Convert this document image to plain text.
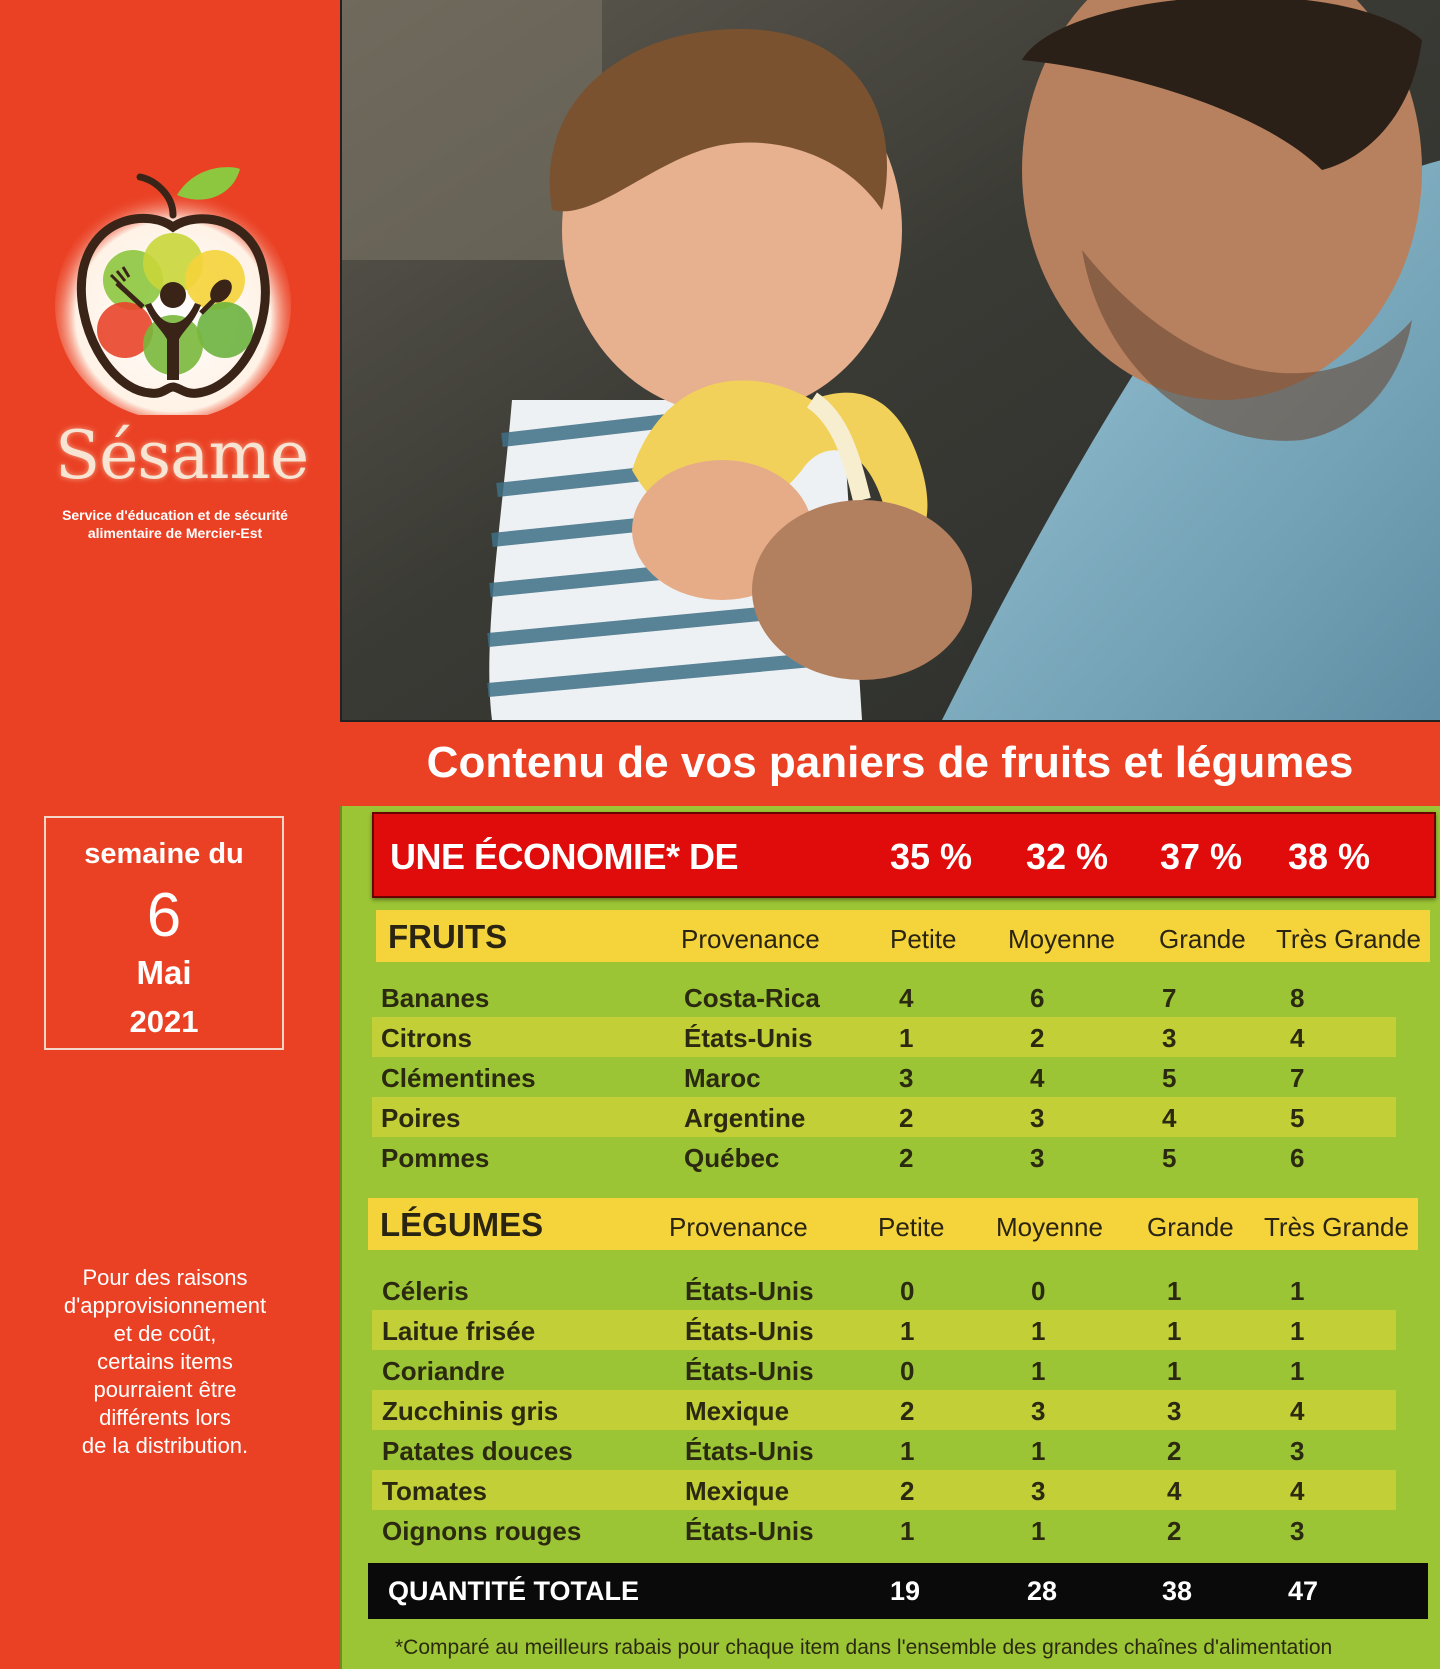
Sésame
Service d'éducation et de sécurité
alimentaire de Mercier-Est
semaine du
6
Mai
2021
Pour des raisons
d'approvisionnement
et de coût,
certains items
pourraient être
différents lors
de la distribution.
Contenu de vos paniers de fruits et légumes
UNE ÉCONOMIE* DE	35 % 32 % 37 % 38 %
FRUITS	Provenance	Petite Moyenne Grande Très Grande
Bananes	Costa-Rica	4	6	7	8
Citrons	États-Unis	1	2	3	4
Clémentines	Maroc	3	4	5	7
Poires	Argentine	2	3	4	5
Pommes	Québec	2	3	5	6
LÉGUMES	Provenance	Petite Moyenne Grande Très Grande
Céleris	États-Unis	0	0	1	1
Laitue frisée	États-Unis	1	1	1	1
Coriandre	États-Unis	0	1	1	1
Zucchinis gris	Mexique	2	3	3	4
Patates douces	États-Unis	1	1	2	3
Tomates	Mexique	2	3	4	4
Oignons rouges	États-Unis	1	1	2	3
QUANTITÉ TOTALE	19	28	38	47
*Comparé au meilleurs rabais pour chaque item dans l'ensemble des grandes chaînes d'alimentation
